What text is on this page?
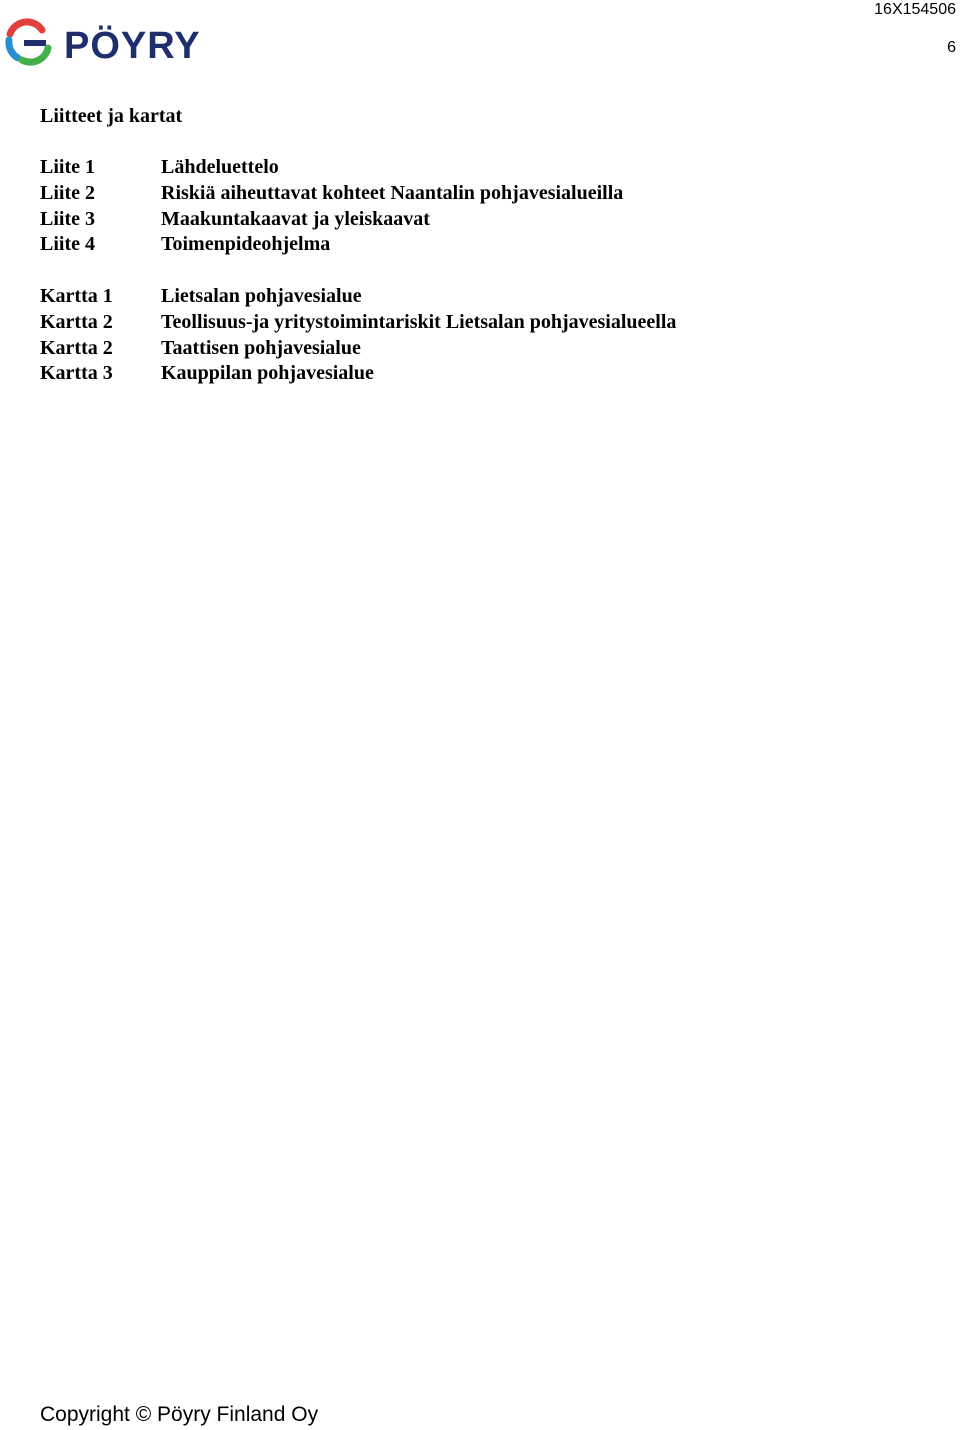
PÖYRY
16X154506
6
Liitteet ja kartat
Liite 1	Lähdeluettelo
Liite 2	Riskiä aiheuttavat kohteet Naantalin pohjavesialueilla
Liite 3	Maakuntakaavat ja yleiskaavat
Liite 4	Toimenpideohjelma
Kartta 1 Lietsalan pohjavesialue
Kartta 2 Teollisuus-ja yritystoimintariskit Lietsalan pohjavesialueella
Kartta 2 Taattisen pohjavesialue
Kartta 3 Kauppilan pohjavesialue
Copyright © Pöyry Finland Oy
